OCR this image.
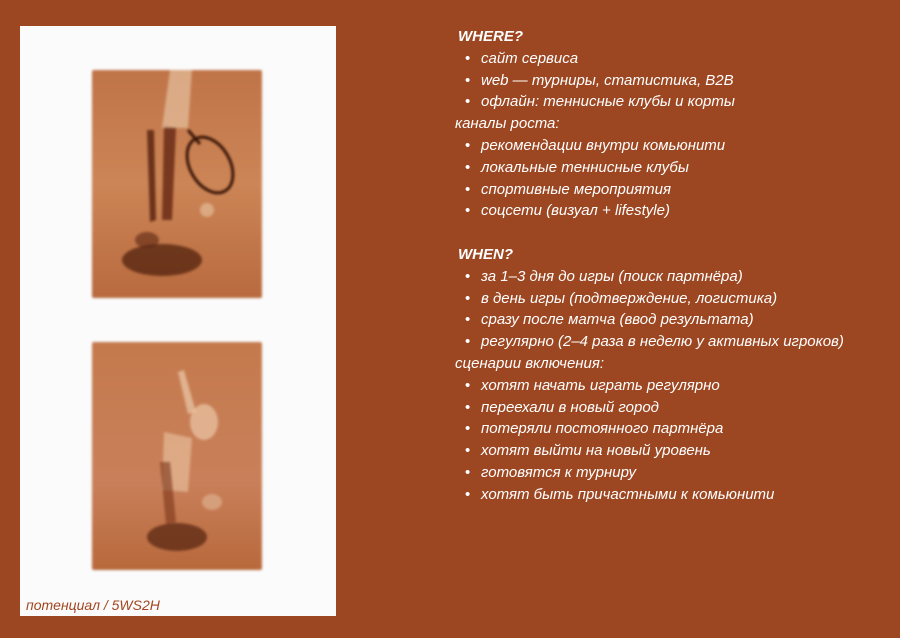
потенциал / 5WS2H
WHERE?
• сайт сервиса
• web — турниры, статистика, B2B
• офлайн: теннисные клубы и корты
каналы роста:
• рекомендации внутри комьюнити
• локальные теннисные клубы
• спортивные мероприятия
• соцсети (визуал + lifestyle)
WHEN?
• за 1–3 дня до игры (поиск партнёра)
• в день игры (подтверждение, логистика)
• сразу после матча (ввод результата)
• регулярно (2–4 раза в неделю у активных игроков)
сценарии включения:
• хотят начать играть регулярно
• переехали в новый город
• потеряли постоянного партнёра
• хотят выйти на новый уровень
• готовятся к турниру
• хотят быть причастными к комьюнити
